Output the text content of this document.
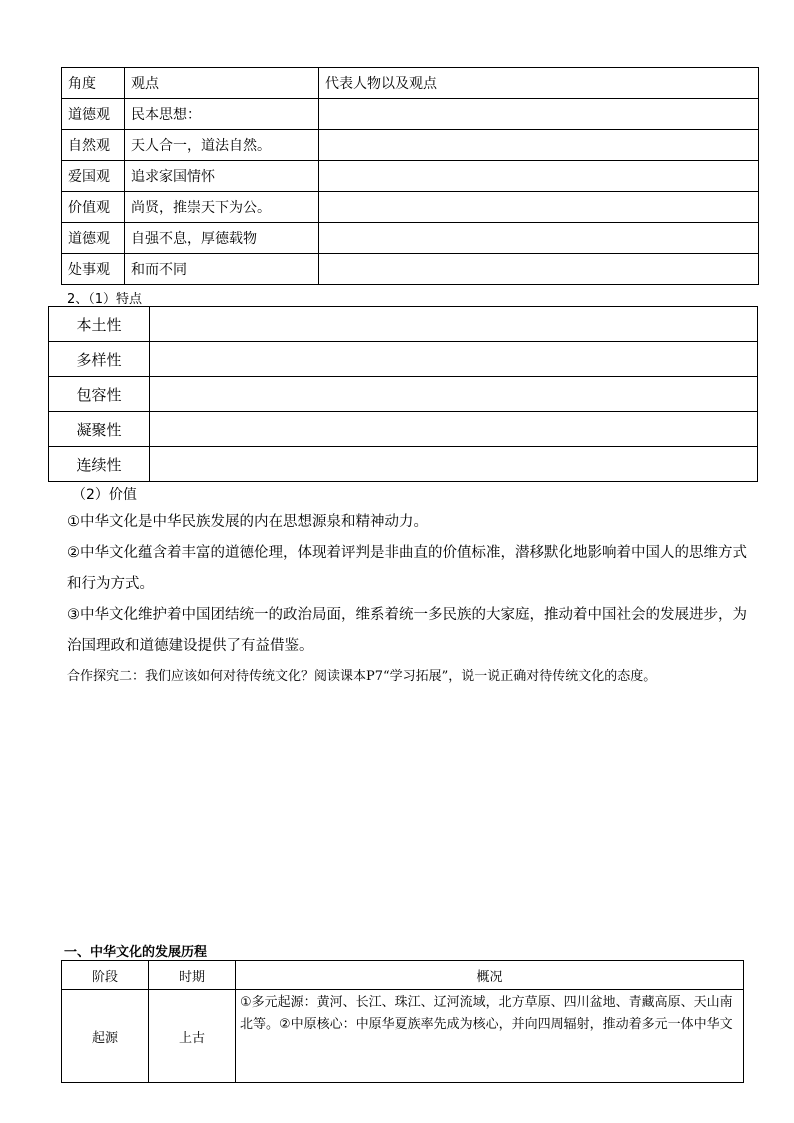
角度	观点	代表人物以及观点
道德观	民本思想：	
自然观	天人合一，道法自然。	
爱国观	追求家国情怀	
价值观	尚贤，推崇天下为公。	
道德观	自强不息，厚德载物	
处事观	和而不同	
2、（1）特点
本土性	
多样性	
包容性	
凝聚性	
连续性	
（2）价值
①中华文化是中华民族发展的内在思想源泉和精神动力。
②中华文化蕴含着丰富的道德伦理，体现着评判是非曲直的价值标准，潜移默化地影响着中国人的思维方式和行为方式。
③中华文化维护着中国团结统一的政治局面，维系着统一多民族的大家庭，推动着中国社会的发展进步，为治国理政和道德建设提供了有益借鉴。
合作探究二：我们应该如何对待传统文化？阅读课本P7“学习拓展”，说一说正确对待传统文化的态度。
一、中华文化的发展历程
阶段	时期	概况
起源	上古	①多元起源：黄河、长江、珠江、辽河流域，北方草原、四川盆地、青藏高原、天山南北等。②中原核心：中原华夏族率先成为核心，并向四周辐射，推动着多元一体中华文
